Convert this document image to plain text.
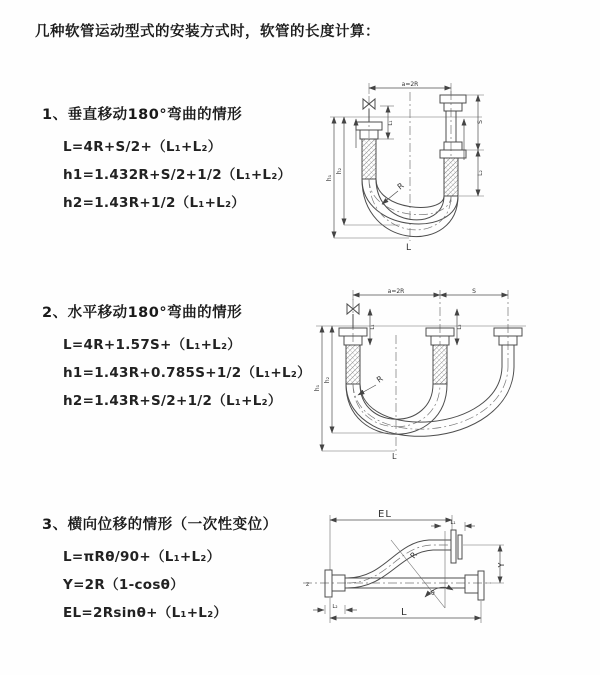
几种软管运动型式的安装方式时，软管的长度计算：
1、垂直移动180°弯曲的情形
L=4R+S/2+（L₁+L₂）
h1=1.432R+S/2+1/2（L₁+L₂）
h2=1.43R+1/2（L₁+L₂）
a=2R
S
L₂
h₁
h₂
L₁
R
L
2、水平移动180°弯曲的情形
L=4R+1.57S+（L₁+L₂）
h1=1.43R+0.785S+1/2（L₁+L₂）
h2=1.43R+S/2+1/2（L₁+L₂）
a=2R	S
L₁	L₂
h₁
h₂	R
L
3、横向位移的情形（一次性变位）
L=πRθ/90+（L₁+L₂）
Y=2R（1-cosθ）
EL=2Rsinθ+（L₁+L₂）
z
EL
L₁
Y
θ
R
L
L₂
